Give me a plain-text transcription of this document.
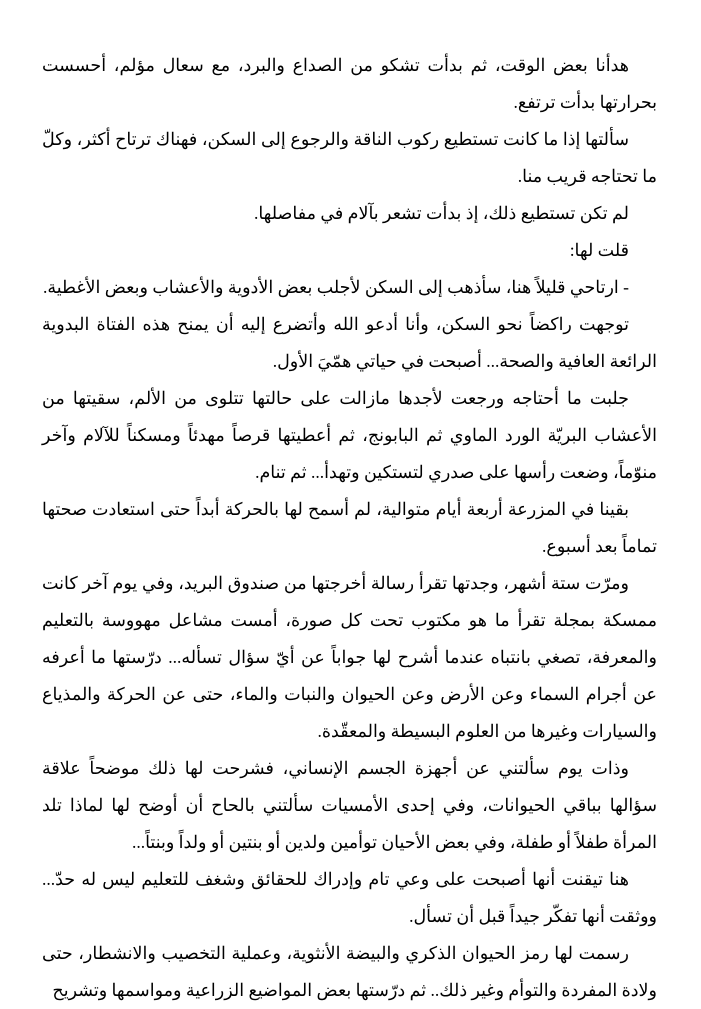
هدأنا بعض الوقت، ثم بدأت تشكو من الصداع والبرد، مع سعال مؤلم، أحسست بحرارتها بدأت ترتفع.

سألتها إذا ما كانت تستطيع ركوب الناقة والرجوع إلى السكن، فهناك ترتاح أكثر، وكلّ ما تحتاجه قريب منا.

لم تكن تستطيع ذلك، إذ بدأت تشعر بآلام في مفاصلها.

قلت لها:

- ارتاحي قليلاً هنا، سأذهب إلى السكن لأجلب بعض الأدوية والأعشاب وبعض الأغطية.

توجهت راكضاً نحو السكن، وأنا أدعو الله وأتضرع إليه أن يمنح هذه الفتاة البدوية الرائعة العافية والصحة... أصبحت في حياتي همّيَ الأول.

جلبت ما أحتاجه ورجعت لأجدها مازالت على حالتها تتلوى من الألم، سقيتها من الأعشاب البريّة الورد الماوي ثم البابونج، ثم أعطيتها قرصاً مهدئاً ومسكناً للآلام وآخر منوّماً، وضعت رأسها على صدري لتستكين وتهدأ... ثم تنام.

بقينا في المزرعة أربعة أيام متوالية، لم أسمح لها بالحركة أبداً حتى استعادت صحتها تماماً بعد أسبوع.

ومرّت ستة أشهر، وجدتها تقرأ رسالة أخرجتها من صندوق البريد، وفي يوم آخر كانت ممسكة بمجلة تقرأ ما هو مكتوب تحت كل صورة، أمست مشاعل مهووسة بالتعليم والمعرفة، تصغي بانتباه عندما أشرح لها جواباً عن أيّ سؤال تسأله... درّستها ما أعرفه عن أجرام السماء وعن الأرض وعن الحيوان والنبات والماء، حتى عن الحركة والمذياع والسيارات وغيرها من العلوم البسيطة والمعقّدة.

وذات يوم سألتني عن أجهزة الجسم الإنساني، فشرحت لها ذلك موضحاً علاقة سؤالها بباقي الحيوانات، وفي إحدى الأمسيات سألتني بالحاح أن أوضح لها لماذا تلد المرأة طفلاً أو طفلة، وفي بعض الأحيان توأمين ولدين أو بنتين أو ولداً وبنتاً...

هنا تيقنت أنها أصبحت على وعي تام وإدراك للحقائق وشغف للتعليم ليس له حدّ... ووثقت أنها تفكّر جيداً قبل أن تسأل.

رسمت لها رمز الحيوان الذكري والبيضة الأنثوية، وعملية التخصيب والانشطار، حتى ولادة المفردة والتوأم وغير ذلك.. ثم درّستها بعض المواضيع الزراعية ومواسمها وتشريح
